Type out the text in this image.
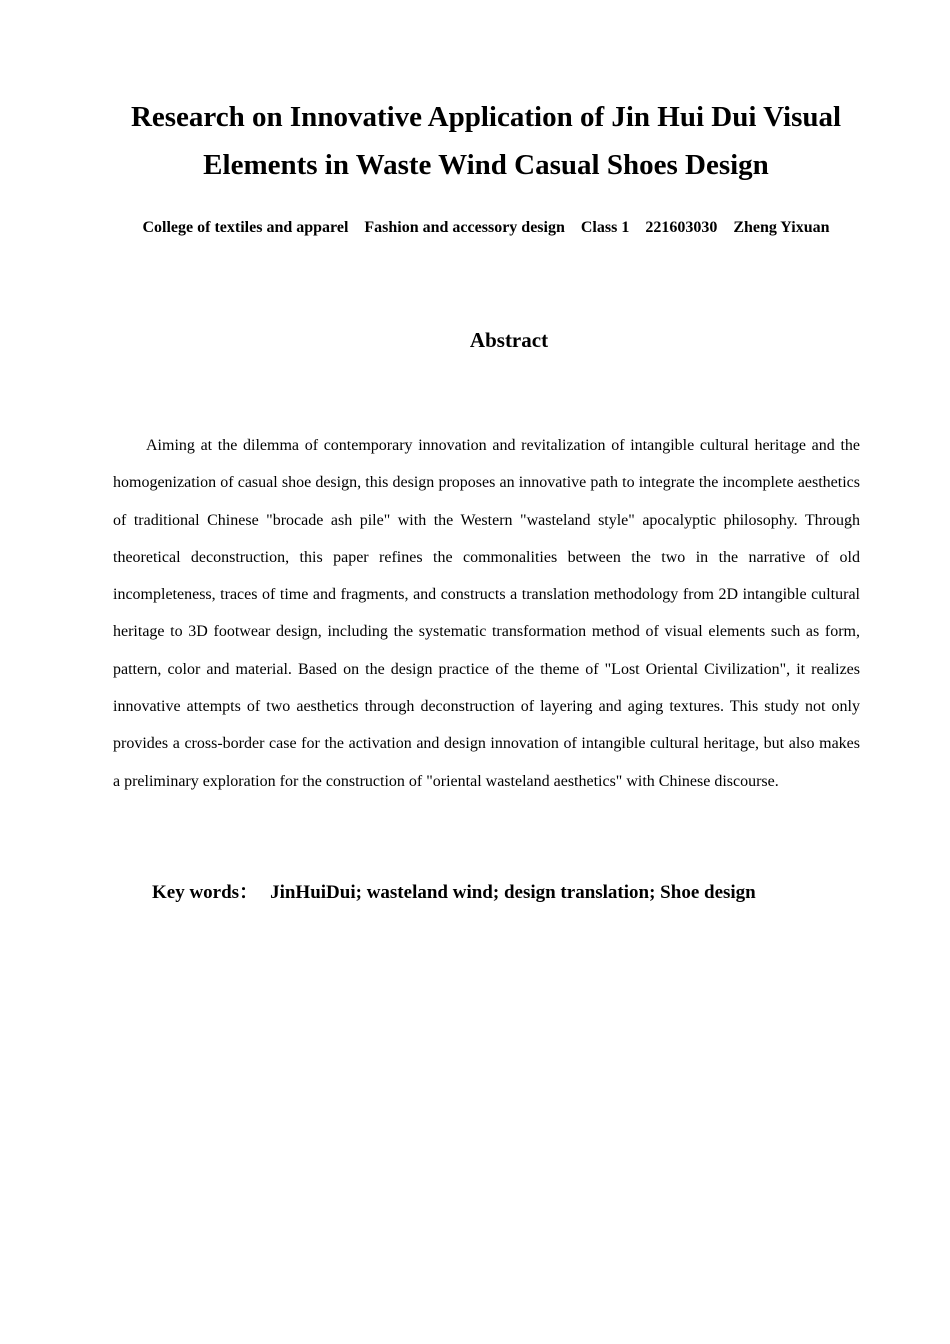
Research on Innovative Application of Jin Hui Dui Visual
Elements in Waste Wind Casual Shoes Design
College of textiles and apparel Fashion and accessory design Class 1 221603030 Zheng Yixuan
Abstract

Aiming at the dilemma of contemporary innovation and revitalization of intangible cultural heritage and the homogenization of casual shoe design, this design proposes an innovative path to integrate the incomplete aesthetics of traditional Chinese "brocade ash pile" with the Western "wasteland style" apocalyptic philosophy. Through theoretical deconstruction, this paper refines the commonalities between the two in the narrative of old incompleteness, traces of time and fragments, and constructs a translation methodology from 2D intangible cultural heritage to 3D footwear design, including the systematic transformation method of visual elements such as form, pattern, color and material. Based on the design practice of the theme of "Lost Oriental Civilization", it realizes innovative attempts of two aesthetics through deconstruction of layering and aging textures. This study not only provides a cross-border case for the activation and design innovation of intangible cultural heritage, but also makes a preliminary exploration for the construction of "oriental wasteland aesthetics" with Chinese discourse.

Key words： JinHuiDui; wasteland wind; design translation; Shoe design
